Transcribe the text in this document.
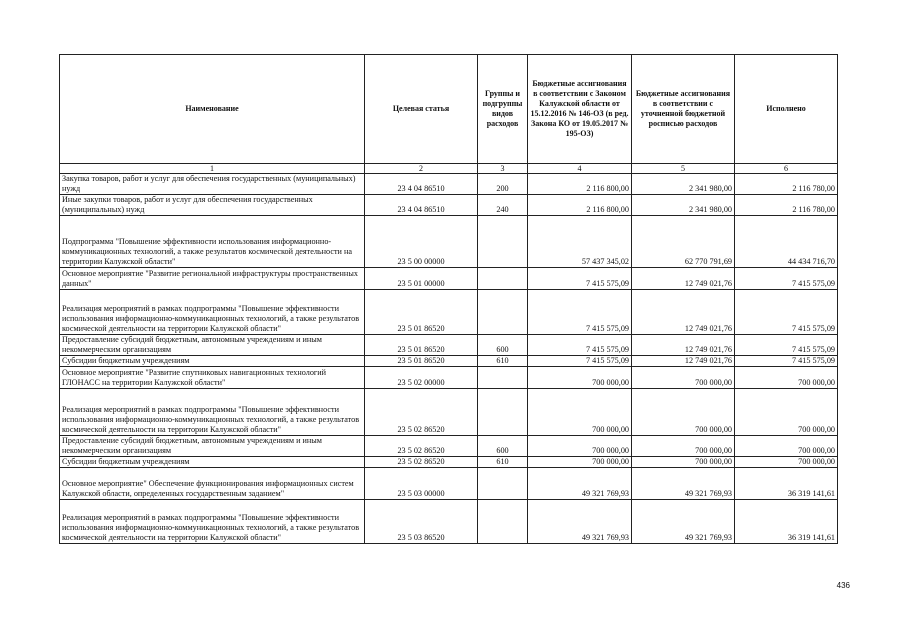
Наименование	Целевая статья	Группы и подгруппы видов расходов	Бюджетные ассигнования в соответствии с Законом Калужской области от 15.12.2016 № 146-ОЗ (в ред. Закона КО от 19.05.2017 № 195-ОЗ)	Бюджетные ассигнования в соответствии с уточненной бюджетной росписью расходов	Исполнено
1	2	3	4	5	6
Закупка товаров, работ и услуг для обеспечения государственных (муниципальных) нужд	23 4 04 86510	200	2 116 800,00	2 341 980,00	2 116 780,00
Иные закупки товаров, работ и услуг для обеспечения государственных (муниципальных) нужд	23 4 04 86510	240	2 116 800,00	2 341 980,00	2 116 780,00
Подпрограмма "Повышение эффективности использования информационно-коммуникационных технологий, а также результатов космической деятельности на территории Калужской области"	23 5 00 00000		57 437 345,02	62 770 791,69	44 434 716,70
Основное мероприятие "Развитие региональной инфраструктуры пространственных данных"	23 5 01 00000		7 415 575,09	12 749 021,76	7 415 575,09
Реализация мероприятий в рамках подпрограммы "Повышение эффективности использования информационно-коммуникационных технологий, а также результатов космической деятельности на территории Калужской области"	23 5 01 86520		7 415 575,09	12 749 021,76	7 415 575,09
Предоставление субсидий бюджетным, автономным учреждениям и иным некоммерческим организациям	23 5 01 86520	600	7 415 575,09	12 749 021,76	7 415 575,09
Субсидии бюджетным учреждениям	23 5 01 86520	610	7 415 575,09	12 749 021,76	7 415 575,09
Основное мероприятие "Развитие спутниковых навигационных технологий ГЛОНАСС на территории Калужской области"	23 5 02 00000		700 000,00	700 000,00	700 000,00
Реализация мероприятий в рамках подпрограммы "Повышение эффективности использования информационно-коммуникационных технологий, а также результатов космической деятельности на территории Калужской области"	23 5 02 86520		700 000,00	700 000,00	700 000,00
Предоставление субсидий бюджетным, автономным учреждениям и иным некоммерческим организациям	23 5 02 86520	600	700 000,00	700 000,00	700 000,00
Субсидии бюджетным учреждениям	23 5 02 86520	610	700 000,00	700 000,00	700 000,00
Основное мероприятие" Обеспечение функционирования информационных систем Калужской области, определенных государственным заданием"	23 5 03 00000		49 321 769,93	49 321 769,93	36 319 141,61
Реализация мероприятий в рамках подпрограммы "Повышение эффективности использования информационно-коммуникационных технологий, а также результатов космической деятельности на территории Калужской области"	23 5 03 86520		49 321 769,93	49 321 769,93	36 319 141,61
436
